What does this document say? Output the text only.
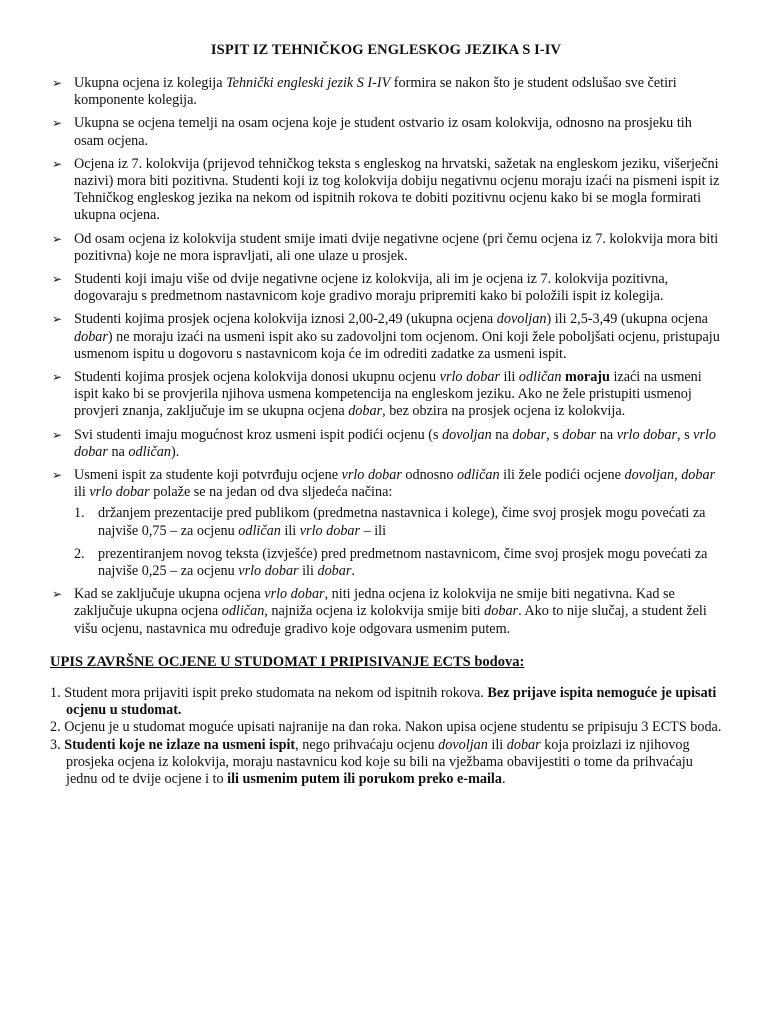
ISPIT IZ TEHNIČKOG ENGLESKOG JEZIKA S I-IV
➢ Ukupna ocjena iz kolegija Tehnički engleski jezik S I-IV formira se nakon što je student odslušao sve četiri komponente kolegija.
➢ Ukupna se ocjena temelji na osam ocjena koje je student ostvario iz osam kolokvija, odnosno na prosjeku tih osam ocjena.
➢ Ocjena iz 7. kolokvija (prijevod tehničkog teksta s engleskog na hrvatski, sažetak na engleskom jeziku, višerječni nazivi) mora biti pozitivna. Studenti koji iz tog kolokvija dobiju negativnu ocjenu moraju izaći na pismeni ispit iz Tehničkog engleskog jezika na nekom od ispitnih rokova te dobiti pozitivnu ocjenu kako bi se mogla formirati ukupna ocjena.
➢ Od osam ocjena iz kolokvija student smije imati dvije negativne ocjene (pri čemu ocjena iz 7. kolokvija mora biti pozitivna) koje ne mora ispravljati, ali one ulaze u prosjek.
➢ Studenti koji imaju više od dvije negativne ocjene iz kolokvija, ali im je ocjena iz 7. kolokvija pozitivna, dogovaraju s predmetnom nastavnicom koje gradivo moraju pripremiti kako bi položili ispit iz kolegija.
➢ Studenti kojima prosjek ocjena kolokvija iznosi 2,00-2,49 (ukupna ocjena dovoljan) ili 2,5-3,49 (ukupna ocjena dobar) ne moraju izaći na usmeni ispit ako su zadovoljni tom ocjenom. Oni koji žele poboljšati ocjenu, pristupaju usmenom ispitu u dogovoru s nastavnicom koja će im odrediti zadatke za usmeni ispit.
➢ Studenti kojima prosjek ocjena kolokvija donosi ukupnu ocjenu vrlo dobar ili odličan moraju izaći na usmeni ispit kako bi se provjerila njihova usmena kompetencija na engleskom jeziku. Ako ne žele pristupiti usmenoj provjeri znanja, zaključuje im se ukupna ocjena dobar, bez obzira na prosjek ocjena iz kolokvija.
➢ Svi studenti imaju mogućnost kroz usmeni ispit podići ocjenu (s dovoljan na dobar, s dobar na vrlo dobar, s vrlo dobar na odličan).
➢ Usmeni ispit za studente koji potvrđuju ocjene vrlo dobar odnosno odličan ili žele podići ocjene dovoljan, dobar ili vrlo dobar polaže se na jedan od dva sljedeća načina:
1. držanjem prezentacije pred publikom (predmetna nastavnica i kolege), čime svoj prosjek mogu povećati za najviše 0,75 – za ocjenu odličan ili vrlo dobar – ili
2. prezentiranjem novog teksta (izvješće) pred predmetnom nastavnicom, čime svoj prosjek mogu povećati za najviše 0,25 – za ocjenu vrlo dobar ili dobar.
➢ Kad se zaključuje ukupna ocjena vrlo dobar, niti jedna ocjena iz kolokvija ne smije biti negativna. Kad se zaključuje ukupna ocjena odličan, najniža ocjena iz kolokvija smije biti dobar. Ako to nije slučaj, a student želi višu ocjenu, nastavnica mu određuje gradivo koje odgovara usmenim putem.
UPIS ZAVRŠNE OCJENE U STUDOMAT I PRIPISIVANJE ECTS bodova:
1. Student mora prijaviti ispit preko studomata na nekom od ispitnih rokova. Bez prijave ispita nemoguće je upisati ocjenu u studomat.
2. Ocjenu je u studomat moguće upisati najranije na dan roka. Nakon upisa ocjene studentu se pripisuju 3 ECTS boda.
3. Studenti koje ne izlaze na usmeni ispit, nego prihvaćaju ocjenu dovoljan ili dobar koja proizlazi iz njihovog prosjeka ocjena iz kolokvija, moraju nastavnicu kod koje su bili na vježbama obavijestiti o tome da prihvaćaju jednu od te dvije ocjene i to ili usmenim putem ili porukom preko e-maila.
